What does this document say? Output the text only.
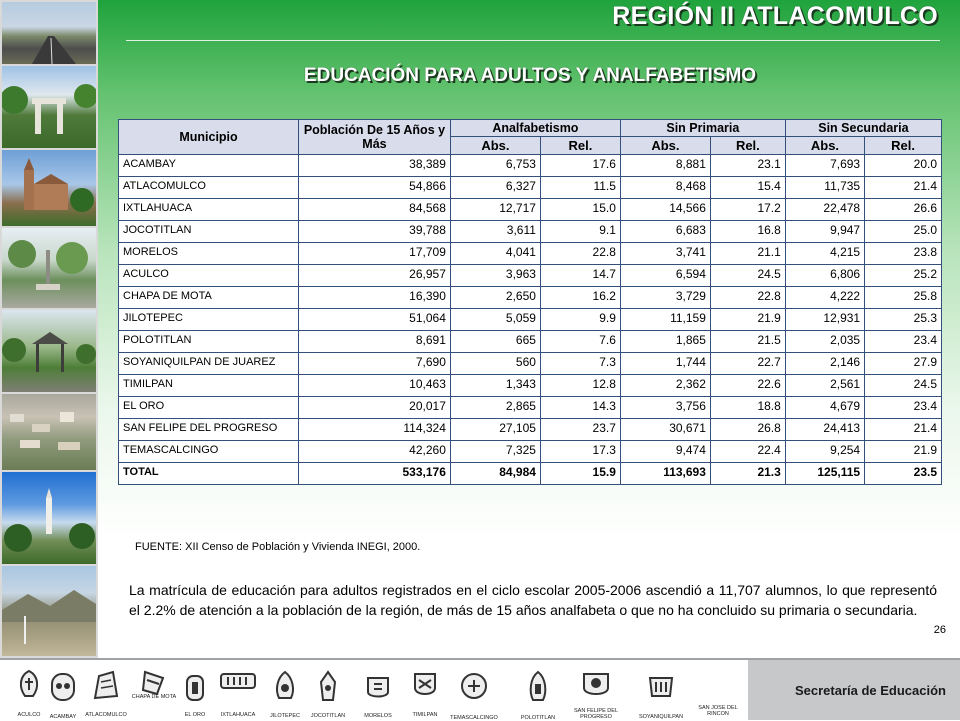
REGIÓN II ATLACOMULCO
EDUCACIÓN PARA ADULTOS Y ANALFABETISMO
Municipio	Población De 15 Años y Más	Analfabetismo		Sin Primaria		Sin Secundaria	
		Abs.	Rel.	Abs.	Rel.	Abs.	Rel.
ACAMBAY	38,389	6,753	17.6	8,881	23.1	7,693	20.0
ATLACOMULCO	54,866	6,327	11.5	8,468	15.4	11,735	21.4
IXTLAHUACA	84,568	12,717	15.0	14,566	17.2	22,478	26.6
JOCOTITLAN	39,788	3,611	9.1	6,683	16.8	9,947	25.0
MORELOS	17,709	4,041	22.8	3,741	21.1	4,215	23.8
ACULCO	26,957	3,963	14.7	6,594	24.5	6,806	25.2
CHAPA DE MOTA	16,390	2,650	16.2	3,729	22.8	4,222	25.8
JILOTEPEC	51,064	5,059	9.9	11,159	21.9	12,931	25.3
POLOTITLAN	8,691	665	7.6	1,865	21.5	2,035	23.4
SOYANIQUILPAN DE JUAREZ	7,690	560	7.3	1,744	22.7	2,146	27.9
TIMILPAN	10,463	1,343	12.8	2,362	22.6	2,561	24.5
EL ORO	20,017	2,865	14.3	3,756	18.8	4,679	23.4
SAN FELIPE DEL PROGRESO	114,324	27,105	23.7	30,671	26.8	24,413	21.4
TEMASCALCINGO	42,260	7,325	17.3	9,474	22.4	9,254	21.9
TOTAL	533,176	84,984	15.9	113,693	21.3	125,115	23.5
FUENTE: XII Censo de Población y Vivienda INEGI, 2000.
La matrícula de educación para adultos registrados en el ciclo escolar 2005-2006 ascendió a 11,707 alumnos, lo que representó el 2.2% de atención a la población de la región, de más de 15 años analfabeta o que no ha concluido su primaria o secundaria.
26
ACULCO	ACAMBAY	ATLACOMULCO
CHAPA DE MOTA
EL ORO	IXTLAHUACA	JILOTEPEC	JOCOTITLAN	MORELOS	TIMILPAN	TEMASCALCINGO	POLOTITLAN
SAN FELIPE DEL PROGRESO	SOYANIQUILPAN
SAN JOSE DEL RINCON
Secretaría de Educación
